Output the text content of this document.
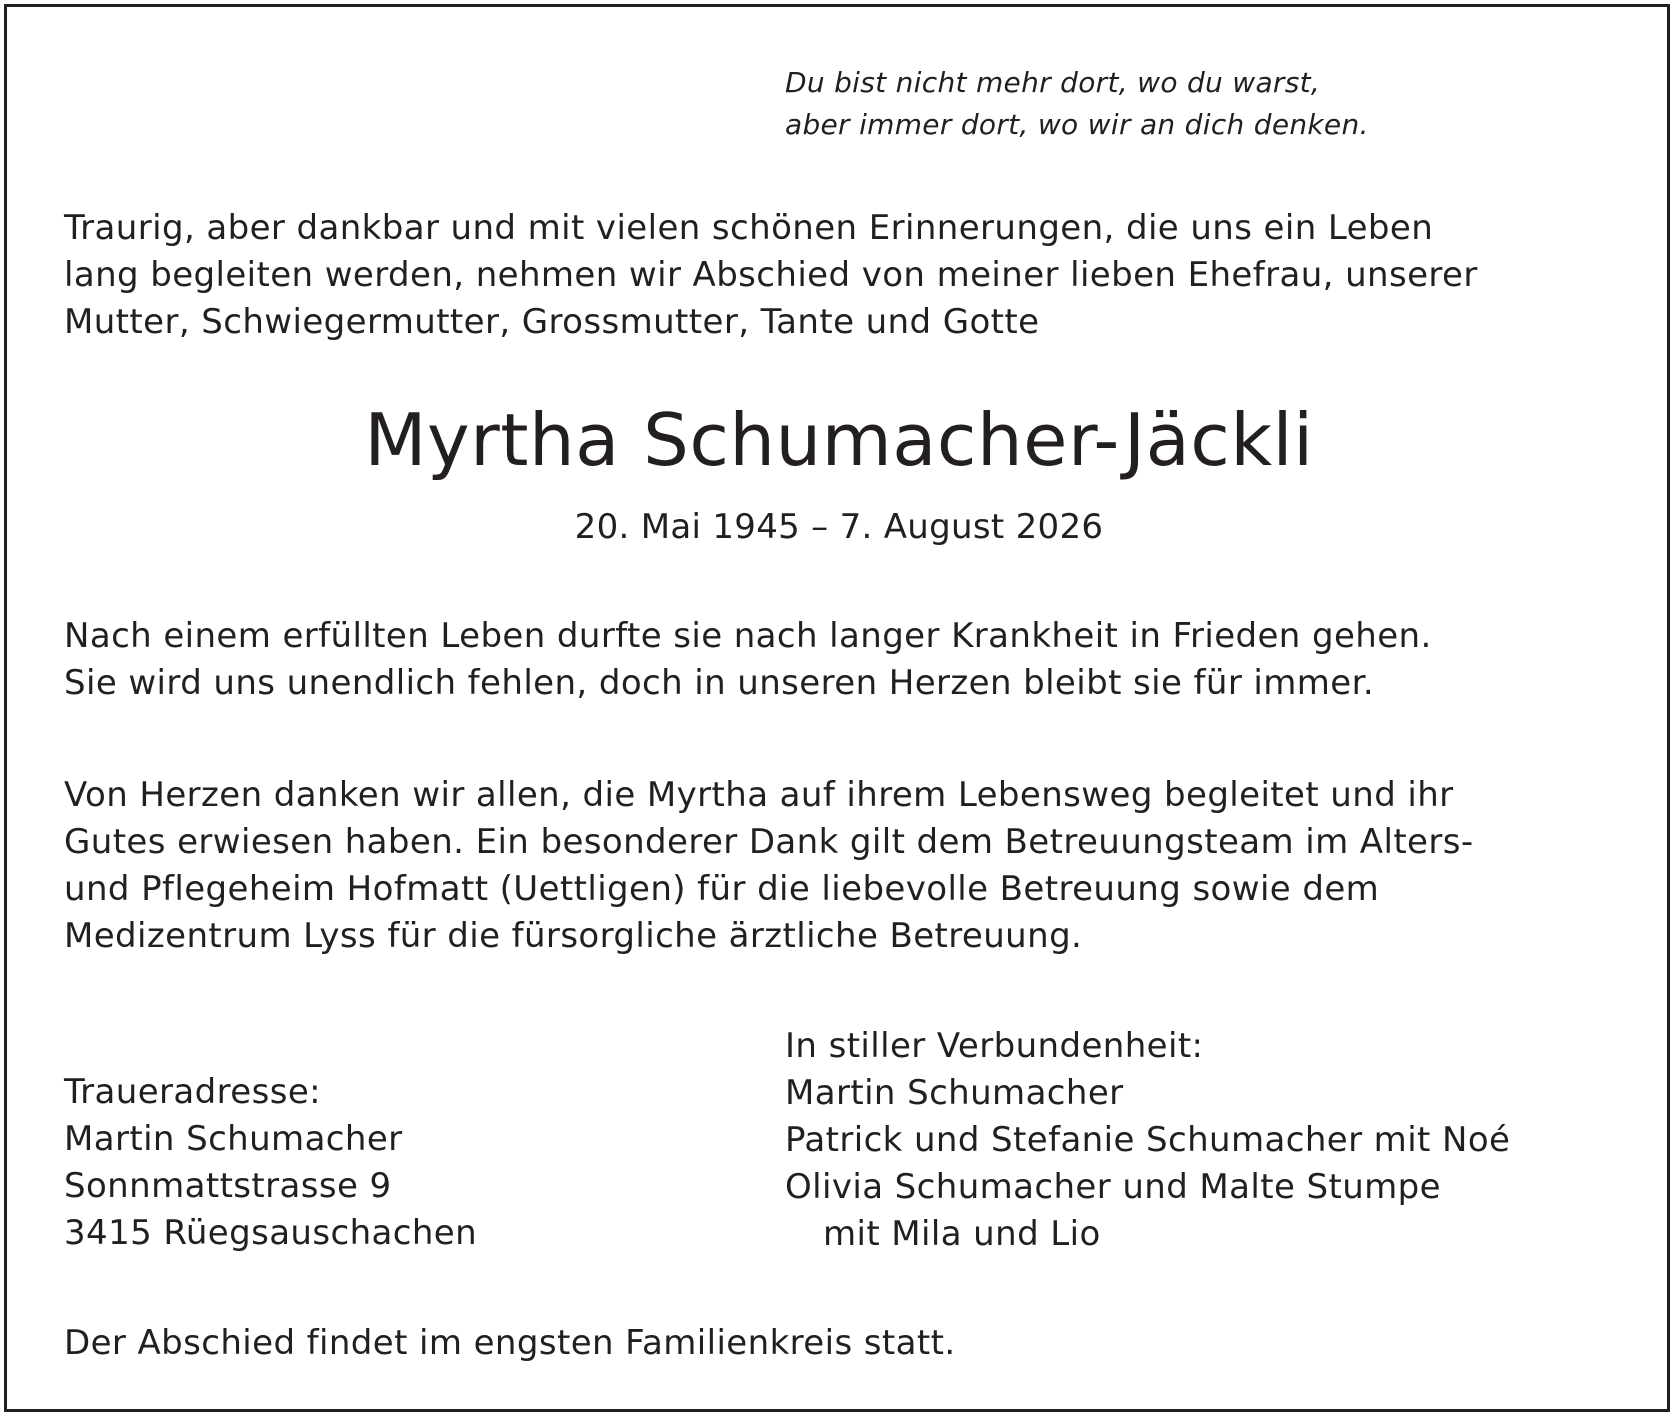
Du bist nicht mehr dort, wo du warst,
aber immer dort, wo wir an dich denken.
Traurig, aber dankbar und mit vielen schönen Erinnerungen, die uns ein Leben
lang begleiten werden, nehmen wir Abschied von meiner lieben Ehefrau, unserer
Mutter, Schwiegermutter, Grossmutter, Tante und Gotte
Myrtha Schumacher-Jäckli
20. Mai 1945 – 7. August 2026
Nach einem erfüllten Leben durfte sie nach langer Krankheit in Frieden gehen.
Sie wird uns unendlich fehlen, doch in unseren Herzen bleibt sie für immer.
Von Herzen danken wir allen, die Myrtha auf ihrem Lebensweg begleitet und ihr
Gutes erwiesen haben. Ein besonderer Dank gilt dem Betreuungsteam im Alters-
und Pflegeheim Hofmatt (Uettligen) für die liebevolle Betreuung sowie dem
Medizentrum Lyss für die fürsorgliche ärztliche Betreuung.
Traueradresse:
Martin Schumacher
Sonnmattstrasse 9
3415 Rüegsauschachen
In stiller Verbundenheit:
Martin Schumacher
Patrick und Stefanie Schumacher mit Noé
Olivia Schumacher und Malte Stumpe
mit Mila und Lio
Der Abschied findet im engsten Familienkreis statt.
